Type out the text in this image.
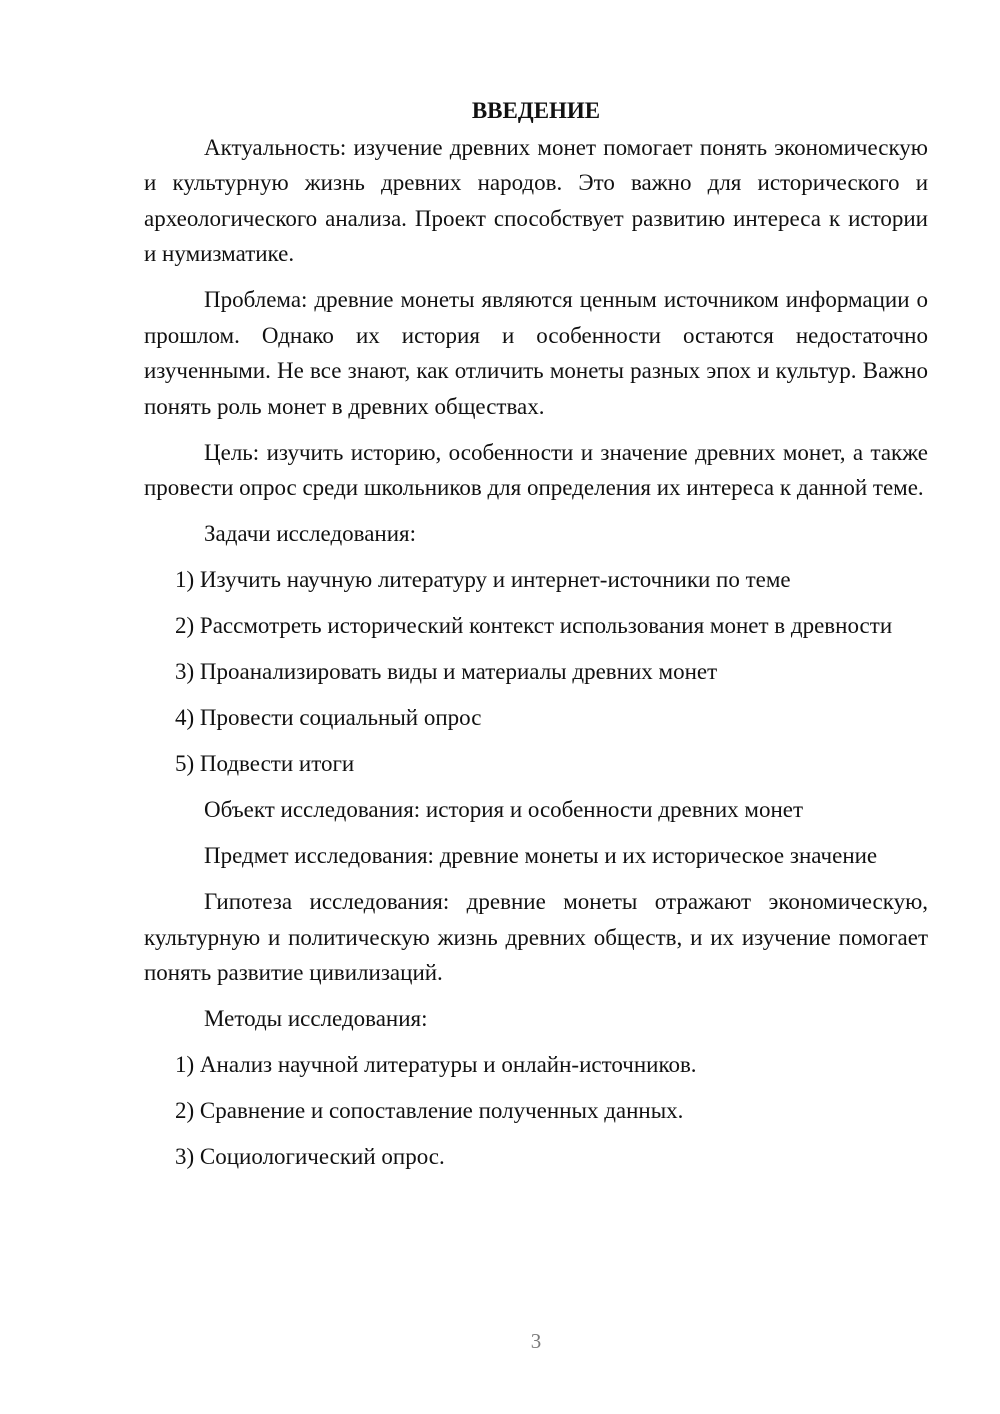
ВВЕДЕНИЕ

Актуальность: изучение древних монет помогает понять экономическую и культурную жизнь древних народов. Это важно для исторического и археологического анализа. Проект способствует развитию интереса к истории и нумизматике.

Проблема: древние монеты являются ценным источником информации о прошлом. Однако их история и особенности остаются недостаточно изученными. Не все знают, как отличить монеты разных эпох и культур. Важно понять роль монет в древних обществах.

Цель: изучить историю, особенности и значение древних монет, а также провести опрос среди школьников для определения их интереса к данной теме.

Задачи исследования:

1) Изучить научную литературу и интернет-источники по теме

2) Рассмотреть исторический контекст использования монет в древности

3) Проанализировать виды и материалы древних монет

4) Провести социальный опрос

5) Подвести итоги

Объект исследования: история и особенности древних монет

Предмет исследования: древние монеты и их историческое значение

Гипотеза исследования: древние монеты отражают экономическую, культурную и политическую жизнь древних обществ, и их изучение помогает понять развитие цивилизаций.

Методы исследования:

1) Анализ научной литературы и онлайн-источников.

2) Сравнение и сопоставление полученных данных.

3) Социологический опрос.

3
